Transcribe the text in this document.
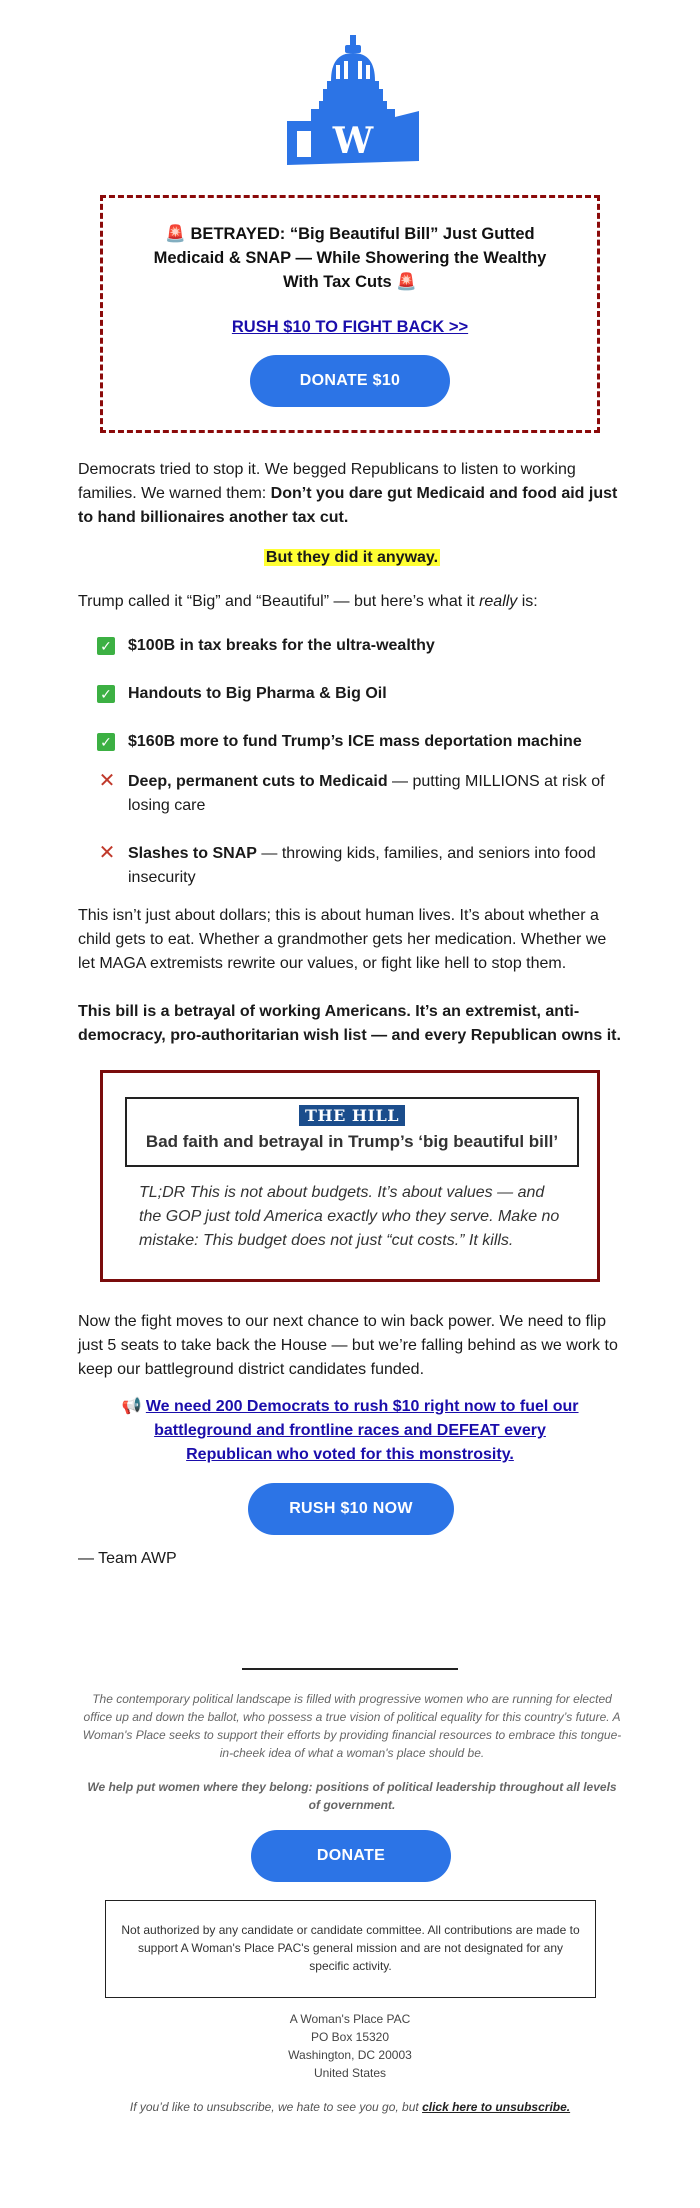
W
🚨 BETRAYED: “Big Beautiful Bill” Just Gutted Medicaid & SNAP — While Showering the Wealthy With Tax Cuts 🚨
RUSH $10 TO FIGHT BACK >>
DONATE $10
Democrats tried to stop it. We begged Republicans to listen to working families. We warned them: Don’t you dare gut Medicaid and food aid just to hand billionaires another tax cut.
But they did it anyway.
Trump called it “Big” and “Beautiful” — but here’s what it really is:
✓ $100B in tax breaks for the ultra-wealthy
✓ Handouts to Big Pharma & Big Oil
✓ $160B more to fund Trump’s ICE mass deportation machine
✕ Deep, permanent cuts to Medicaid — putting MILLIONS at risk of losing care
✕ Slashes to SNAP — throwing kids, families, and seniors into food insecurity
This isn’t just about dollars; this is about human lives. It’s about whether a child gets to eat. Whether a grandmother gets her medication. Whether we let MAGA extremists rewrite our values, or fight like hell to stop them.
This bill is a betrayal of working Americans. It’s an extremist, anti-democracy, pro-authoritarian wish list — and every Republican owns it.
THE HILL
Bad faith and betrayal in Trump’s ‘big beautiful bill’
TL;DR This is not about budgets. It’s about values — and the GOP just told America exactly who they serve. Make no mistake: This budget does not just “cut costs.” It kills.
Now the fight moves to our next chance to win back power. We need to flip just 5 seats to take back the House — but we’re falling behind as we work to keep our battleground district candidates funded.
📢 We need 200 Democrats to rush $10 right now to fuel our battleground and frontline races and DEFEAT every Republican who voted for this monstrosity.
RUSH $10 NOW
— Team AWP
The contemporary political landscape is filled with progressive women who are running for elected office up and down the ballot, who possess a true vision of political equality for this country’s future. A Woman's Place seeks to support their efforts by providing financial resources to embrace this tongue-in-cheek idea of what a woman's place should be.
We help put women where they belong: positions of political leadership throughout all levels of government.
DONATE
Not authorized by any candidate or candidate committee. All contributions are made to support A Woman's Place PAC's general mission and are not designated for any specific activity.
A Woman's Place PAC
PO Box 15320
Washington, DC 20003
United States
If you’d like to unsubscribe, we hate to see you go, but click here to unsubscribe.
